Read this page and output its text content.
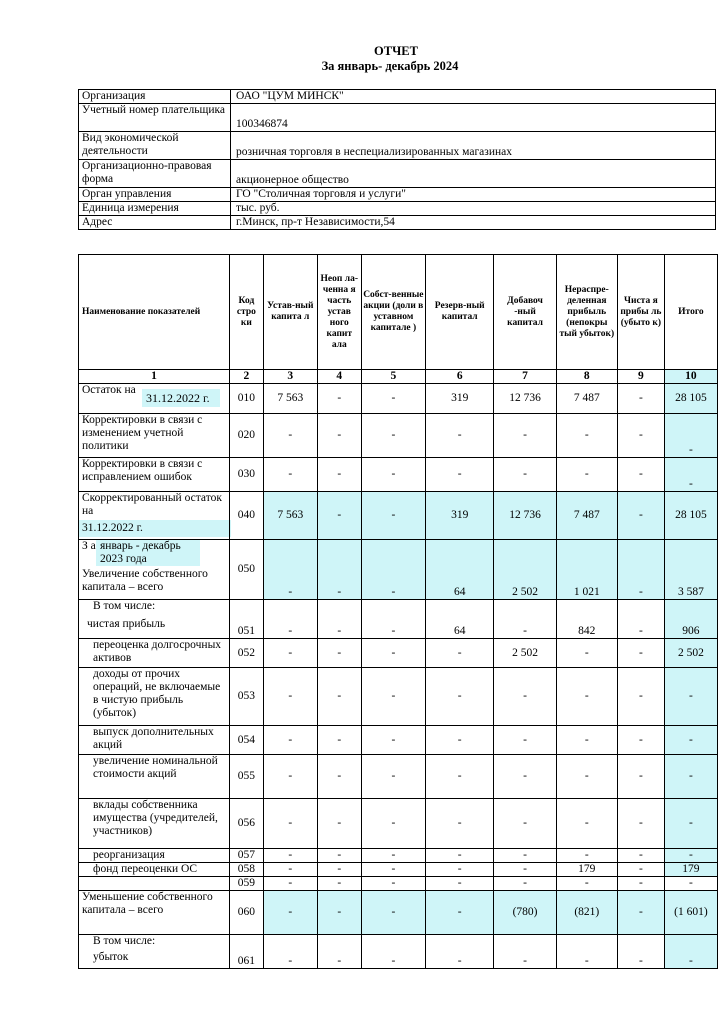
ОТЧЕТ
За январь- декабрь 2024
Организация	ОАО "ЦУМ МИНСК"
Учетный номер плательщика	100346874
Вид экономической деятельности	розничная торговля в неспециализированных магазинах
Организационно-правовая форма	акционерное общество
Орган управления	ГО "Столичная торговля и услуги"
Единица измерения	тыс. руб.
Адрес	г.Минск, пр-т Независимости,54
Наименование показателей	Код стро ки	Устав-ный капита л	Неоп ла-ченна я часть устав ного капит ала	Собст-венные акции (доли в уставном капитале )	Резерв-ный капитал	Добавоч -ный капитал	Нераспре-деленная прибыль (непокры тый убыток)	Чиста я прибы ль (убыто к)	Итого
1	2	3	4	5	6	7	8	9	10
Остаток на31.12.2022 г.	010	7 563	-	-	319	12 736	7 487	-	28 105
Корректировки в связи с изменением учетной политики	020	-	-	-	-	-	-	-	-
Корректировки в связи с исправлением ошибок	030	-	-	-	-	-	-	-	-

Скорректированный остаток на
31.12.2022 г.	040	7 563	-	-	319	12 736	7 487	-	28 105

З а январь - декабрь 2023 года
Увеличение собственного капитала – всего	050	-	-	-	64	2 502	1 021	-	3 587

В том числе:
чистая прибыль	051	-	-	-	64	-	842	-	906
переоценка долгосрочных активов	052	-	-	-	-	2 502	-	-	2 502
доходы от прочих операций, не включаемые в чистую прибыль (убыток)	053	-	-	-	-	-	-	-	-
выпуск дополнительных акций	054	-	-	-	-	-	-	-	-
увеличение номинальной стоимости акций	055	-	-	-	-	-	-	-	-
вклады собственника имущества (учредителей, участников)	056	-	-	-	-	-	-	-	-
реорганизация	057	-	-	-	-	-	-	-	-
фонд переоценки ОС	058	-	-	-	-	-	179	-	179
	059	-	-	-	-	-	-	-	-
Уменьшение собственного капитала – всего	060	-	-	-	-	(780)	(821)	-	(1 601)

В том числе:
убыток	061	-	-	-	-	-	-	-	-
